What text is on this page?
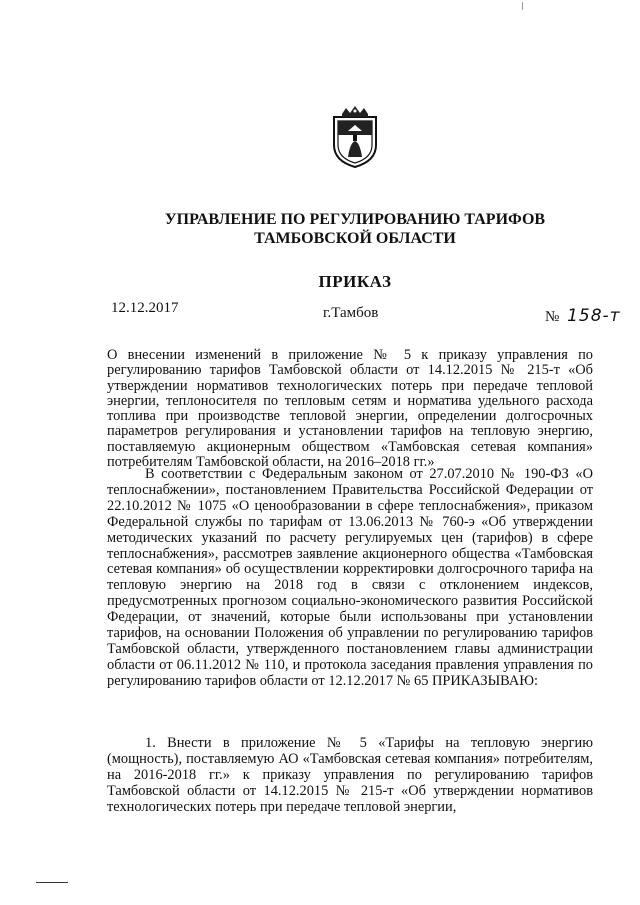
УПРАВЛЕНИЕ ПО РЕГУЛИРОВАНИЮ ТАРИФОВ
ТАМБОВСКОЙ ОБЛАСТИ
ПРИКАЗ
12.12.2017	г.Тамбов	№ 158-т
О внесении изменений в приложение № 5 к приказу управления по регулированию тарифов Тамбовской области от 14.12.2015 № 215-т «Об утверждении нормативов технологических потерь при передаче тепловой энергии, теплоносителя по тепловым сетям и норматива удельного расхода топлива при производстве тепловой энергии, определении долгосрочных параметров регулирования и установлении тарифов на тепловую энергию, поставляемую акционерным обществом «Тамбовская сетевая компания» потребителям Тамбовской области, на 2016–2018 гг.»
В соответствии с Федеральным законом от 27.07.2010 № 190-ФЗ «О теплоснабжении», постановлением Правительства Российской Федерации от 22.10.2012 № 1075 «О ценообразовании в сфере теплоснабжения», приказом Федеральной службы по тарифам от 13.06.2013 № 760-э «Об утверждении методических указаний по расчету регулируемых цен (тарифов) в сфере теплоснабжения», рассмотрев заявление акционерного общества «Тамбовская сетевая компания» об осуществлении корректировки долгосрочного тарифа на тепловую энергию на 2018 год в связи с отклонением индексов, предусмотренных прогнозом социально-экономического развития Российской Федерации, от значений, которые были использованы при установлении тарифов, на основании Положения об управлении по регулированию тарифов Тамбовской области, утвержденного постановлением главы администрации области от 06.11.2012 № 110, и протокола заседания правления управления по регулированию тарифов области от 12.12.2017 № 65 ПРИКАЗЫВАЮ:
1. Внести в приложение № 5 «Тарифы на тепловую энергию (мощность), поставляемую АО «Тамбовская сетевая компания» потребителям, на 2016-2018 гг.» к приказу управления по регулированию тарифов Тамбовской области от 14.12.2015 № 215-т «Об утверждении нормативов технологических потерь при передаче тепловой энергии,
